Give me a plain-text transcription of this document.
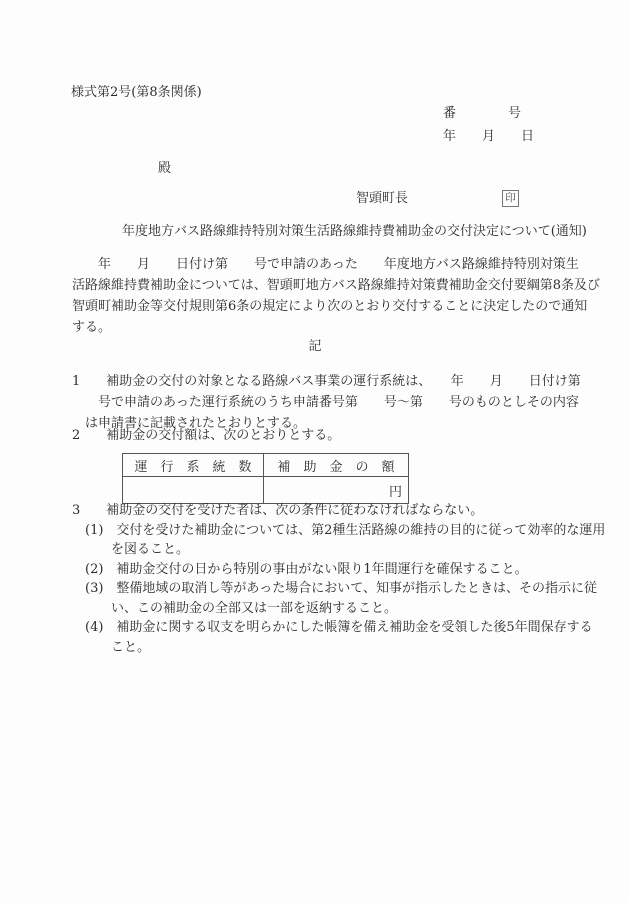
様式第2号(第8条関係)
番　　　　号
年　　月　　日
殿
智頭町長	印
年度地方バス路線維持特別対策生活路線維持費補助金の交付決定について(通知)
　　年　　月　　日付け第　　号で申請のあった　　年度地方バス路線維持特別対策生
活路線維持費補助金については、智頭町地方バス路線維持対策費補助金交付要綱第8条及び
智頭町補助金等交付規則第6条の規定により次のとおり交付することに決定したので通知
する。
記
1　　補助金の交付の対象となる路線バス事業の運行系統は、　　年　　月　　日付け第
　　号で申請のあった運行系統のうち申請番号第　　号～第　　号のものとしその内容
　は申請書に記載されたとおりとする。
2　　補助金の交付額は、次のとおりとする。
運　行　系　統　数	補　助　金　の　額
	円
3　　補助金の交付を受けた者は、次の条件に従わなければならない。
　(1)　交付を受けた補助金については、第2種生活路線の維持の目的に従って効率的な運用
　　　を図ること。
　(2)　補助金交付の日から特別の事由がない限り1年間運行を確保すること。
　(3)　整備地域の取消し等があった場合において、知事が指示したときは、その指示に従
　　　い、この補助金の全部又は一部を返納すること。
　(4)　補助金に関する収支を明らかにした帳簿を備え補助金を受領した後5年間保存する
　　　こと。
